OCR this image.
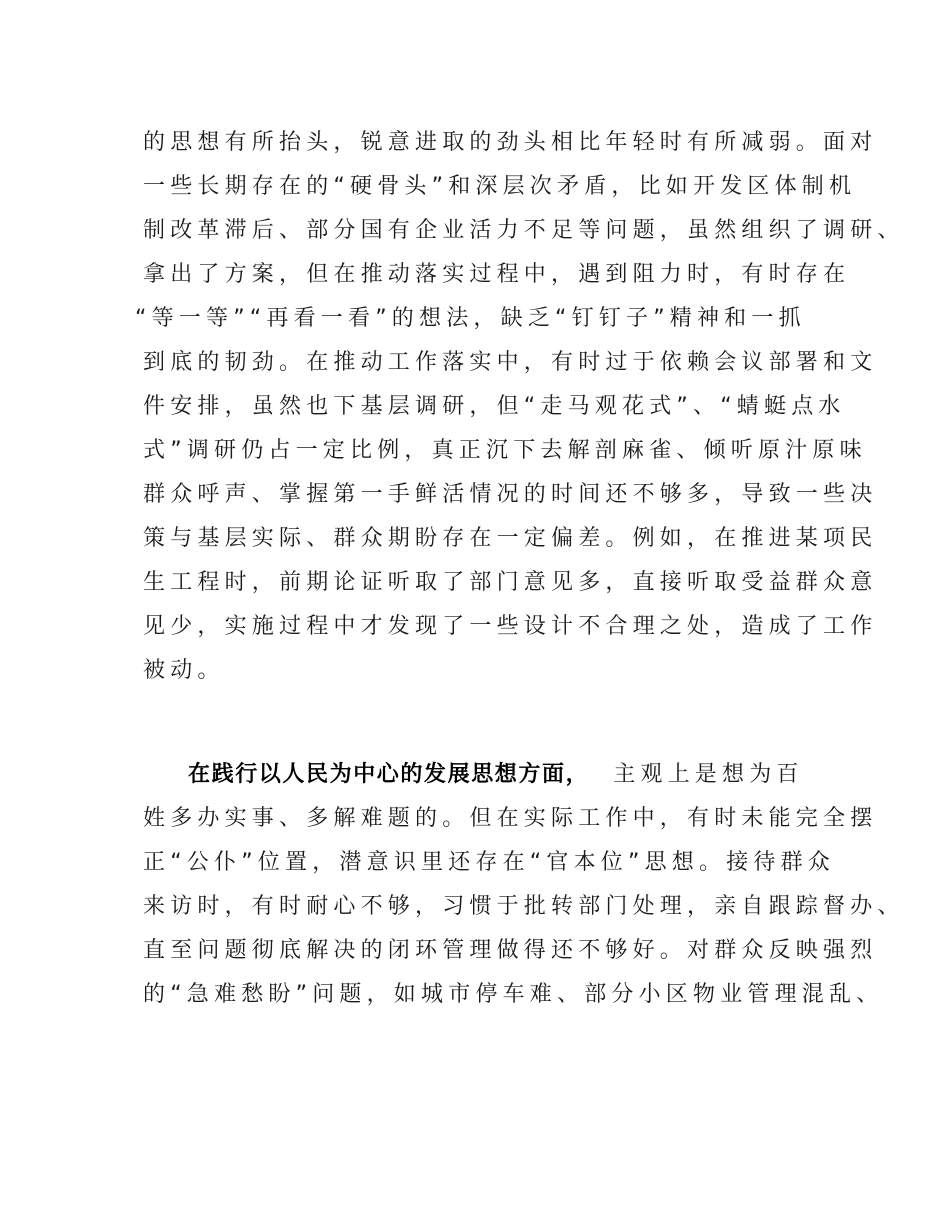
的思想有所抬头，锐意进取的劲头相比年轻时有所减弱。面对
一些长期存在的“硬骨头”和深层次矛盾，比如开发区体制机
制改革滞后、部分国有企业活力不足等问题，虽然组织了调研、
拿出了方案，但在推动落实过程中，遇到阻力时，有时存在
“等一等”“再看一看”的想法，缺乏“钉钉子”精神和一抓
到底的韧劲。在推动工作落实中，有时过于依赖会议部署和文
件安排，虽然也下基层调研，但“走马观花式”、“蜻蜓点水
式”调研仍占一定比例，真正沉下去解剖麻雀、倾听原汁原味
群众呼声、掌握第一手鲜活情况的时间还不够多，导致一些决
策与基层实际、群众期盼存在一定偏差。例如，在推进某项民
生工程时，前期论证听取了部门意见多，直接听取受益群众意
见少，实施过程中才发现了一些设计不合理之处，造成了工作
被动。
在践行以人民为中心的发展思想方面， 主观上是想为百
姓多办实事、多解难题的。但在实际工作中，有时未能完全摆
正“公仆”位置，潜意识里还存在“官本位”思想。接待群众
来访时，有时耐心不够，习惯于批转部门处理，亲自跟踪督办、
直至问题彻底解决的闭环管理做得还不够好。对群众反映强烈
的“急难愁盼”问题，如城市停车难、部分小区物业管理混乱、
